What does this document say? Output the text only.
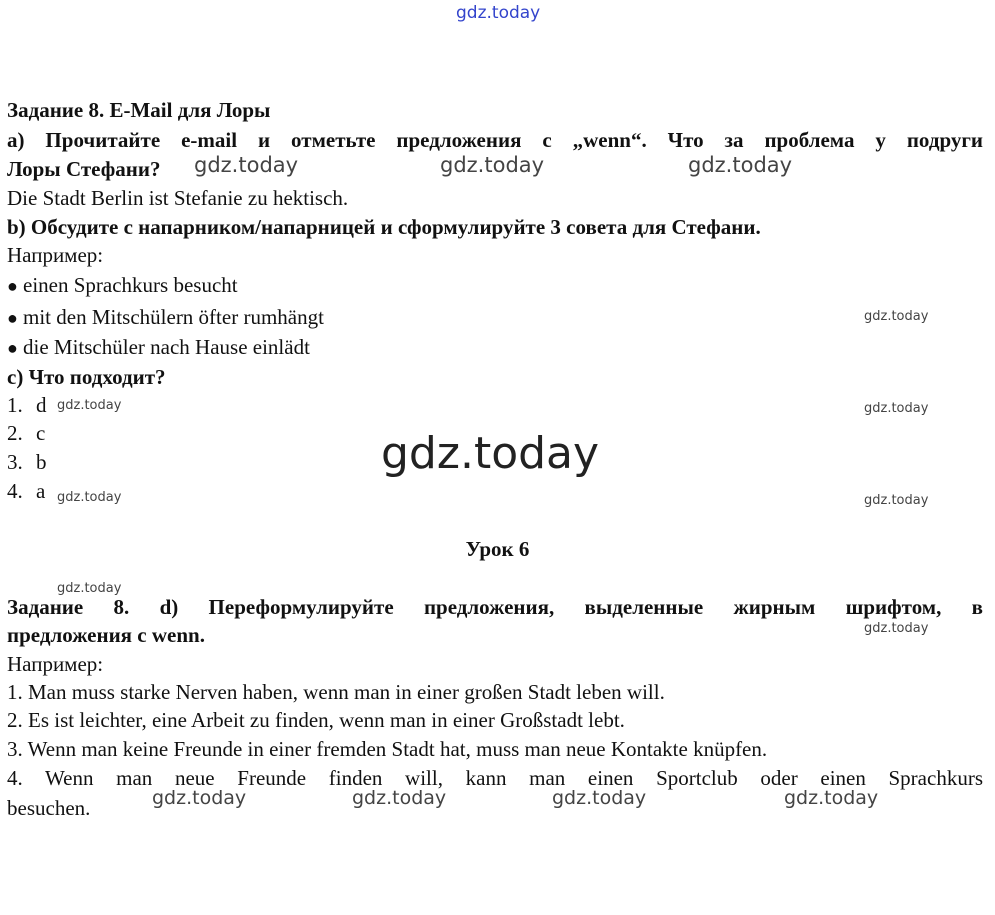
gdz.today
gdz.today	gdz.today	gdz.today
gdz.today
gdz.today	gdz.today
gdz.today
gdz.today	gdz.today
gdz.today
gdz.today
gdz.today	gdz.today	gdz.today	gdz.today
Задание 8. E-Mail для Лоры
a) Прочитайте e-mail и отметьте предложения с „wenn“. Что за проблема у подруги
Лоры Стефани?
Die Stadt Berlin ist Stefanie zu hektisch.
b) Обсудите с напарником/напарницей и сформулируйте 3 совета для Стефани.
Например:
● einen Sprachkurs besucht
● mit den Mitschülern öfter rumhängt
● die Mitschüler nach Hause einlädt
c) Что подходит?
1. d
2. c
3. b
4. a
Урок 6
Задание 8. d) Переформулируйте предложения, выделенные жирным шрифтом, в
предложения с wenn.
Например:
1. Man muss starke Nerven haben, wenn man in einer großen Stadt leben will.
2. Es ist leichter, eine Arbeit zu finden, wenn man in einer Großstadt lebt.
3. Wenn man keine Freunde in einer fremden Stadt hat, muss man neue Kontakte knüpfen.
4. Wenn man neue Freunde finden will, kann man einen Sportclub oder einen Sprachkurs
besuchen.
